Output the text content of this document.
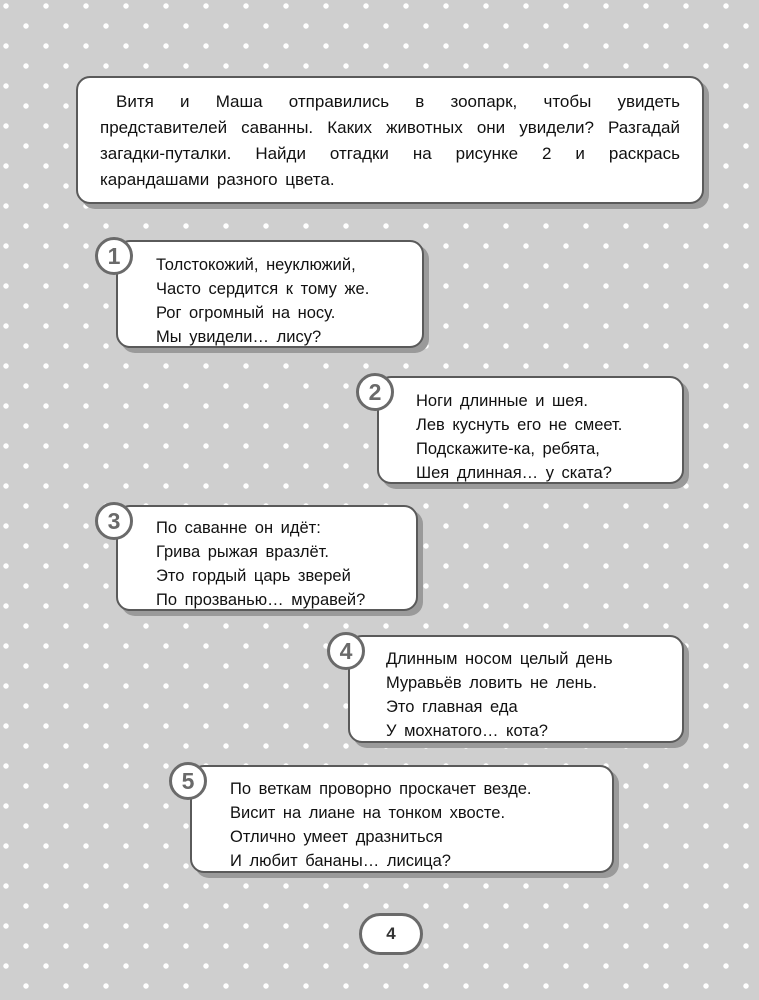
Витя и Маша отправились в зоопарк, чтобы увидеть представителей саванны. Каких животных они увидели? Разгадай загадки-путалки. Найди отгадки на рисунке 2 и раскрась карандашами разного цвета.

Толстокожий, неуклюжий,
Часто сердится к тому же.
Рог огромный на носу.
Мы увидели… лису?
1
Ноги длинные и шея.
Лев куснуть его не смеет.
Подскажите-ка, ребята,
Шея длинная… у ската?
2
По саванне он идёт:
Грива рыжая вразлёт.
Это гордый царь зверей
По прозванью… муравей?
3
Длинным носом целый день
Муравьёв ловить не лень.
Это главная еда
У мохнатого… кота?
4
По веткам проворно проскачет везде.
Висит на лиане на тонком хвосте.
Отлично умеет дразниться
И любит бананы… лисица?
5
4
